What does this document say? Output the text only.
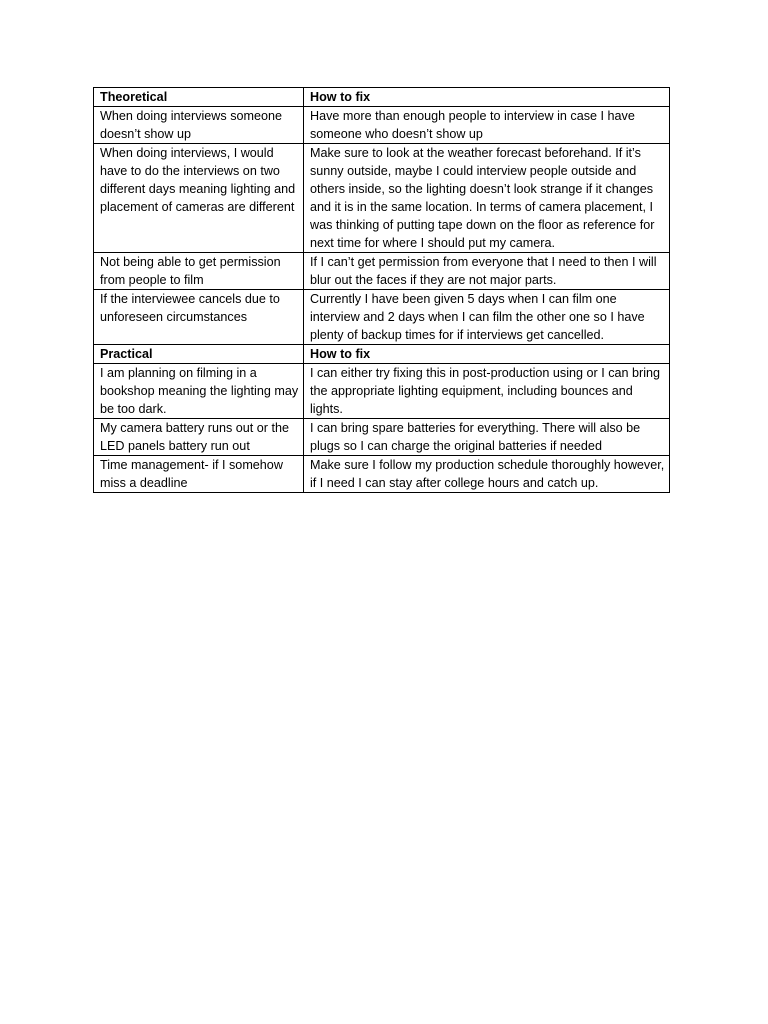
Theoretical	How to fix
When doing interviews someone doesn’t show up	Have more than enough people to interview in case I have someone who doesn’t show up
When doing interviews, I would have to do the interviews on two different days meaning lighting and placement of cameras are different	Make sure to look at the weather forecast beforehand. If it’s sunny outside, maybe I could interview people outside and others inside, so the lighting doesn’t look strange if it changes and it is in the same location. In terms of camera placement, I was thinking of putting tape down on the floor as reference for next time for where I should put my camera.
Not being able to get permission from people to film	If I can’t get permission from everyone that I need to then I will blur out the faces if they are not major parts.
If the interviewee cancels due to unforeseen circumstances	Currently I have been given 5 days when I can film one interview and 2 days when I can film the other one so I have plenty of backup times for if interviews get cancelled.
Practical	How to fix
I am planning on filming in a bookshop meaning the lighting may be too dark.	I can either try fixing this in post-production using or I can bring the appropriate lighting equipment, including bounces and lights.
My camera battery runs out or the LED panels battery run out	I can bring spare batteries for everything. There will also be plugs so I can charge the original batteries if needed
Time management- if I somehow miss a deadline	Make sure I follow my production schedule thoroughly however, if I need I can stay after college hours and catch up.
